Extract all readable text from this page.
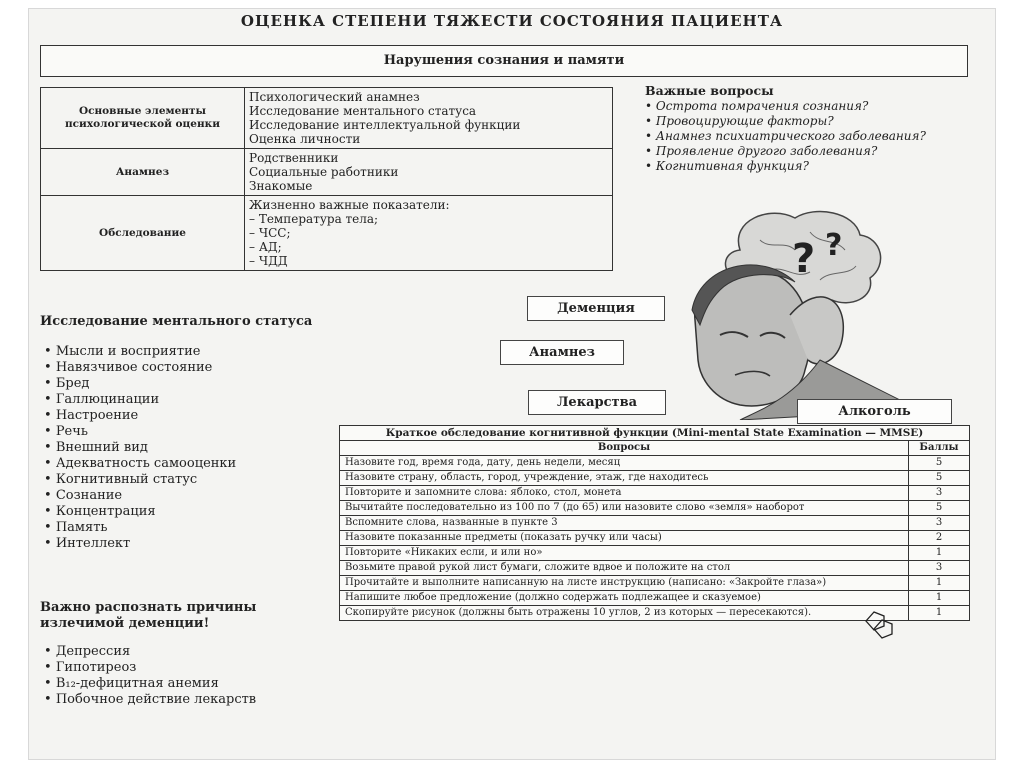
ОЦЕНКА СТЕПЕНИ ТЯЖЕСТИ СОСТОЯНИЯ ПАЦИЕНТА
Нарушения сознания и памяти
Основные элементы психологической оценки	Психологический анамнез
Исследование ментального статуса
Исследование интеллектуальной функции
Оценка личности

Анамнез	Родственники
Социальные работники
Знакомые

Обследование	Жизненно важные показатели:
– Температура тела;
– ЧСС;
– АД;
– ЧДД
Важные вопросы
• Острота помрачения сознания?
• Провоцирующие факторы?
• Анамнез психиатрического заболевания?
• Проявление другого заболевания?
• Когнитивная функция?
? ?
Деменция
Анамнез
Лекарства
Алкоголь
Исследование ментального статуса
• Мысли и восприятие
• Навязчивое состояние
• Бред
• Галлюцинации
• Настроение
• Речь
• Внешний вид
• Адекватность самооценки
• Когнитивный статус
• Сознание
• Концентрация
• Память
• Интеллект
Важно распознать причины излечимой деменции!
• Депрессия
• Гипотиреоз
• B₁₂-дефицитная анемия
• Побочное действие лекарств
Краткое обследование когнитивной функции (Mini-mental State Examination — MMSE)	
Вопросы	Баллы
Назовите год, время года, дату, день недели, месяц	5
Назовите страну, область, город, учреждение, этаж, где находитесь	5
Повторите и запомните слова: яблоко, стол, монета	3
Вычитайте последовательно из 100 по 7 (до 65) или назовите слово «земля» наоборот	5
Вспомните слова, названные в пункте 3	3
Назовите показанные предметы (показать ручку или часы)	2
Повторите «Никаких если, и или но»	1
Возьмите правой рукой лист бумаги, сложите вдвое и положите на стол	3
Прочитайте и выполните написанную на листе инструкцию (написано: «Закройте глаза»)	1
Напишите любое предложение (должно содержать подлежащее и сказуемое)	1
Скопируйте рисунок (должны быть отражены 10 углов, 2 из которых — пересекаются).	1
